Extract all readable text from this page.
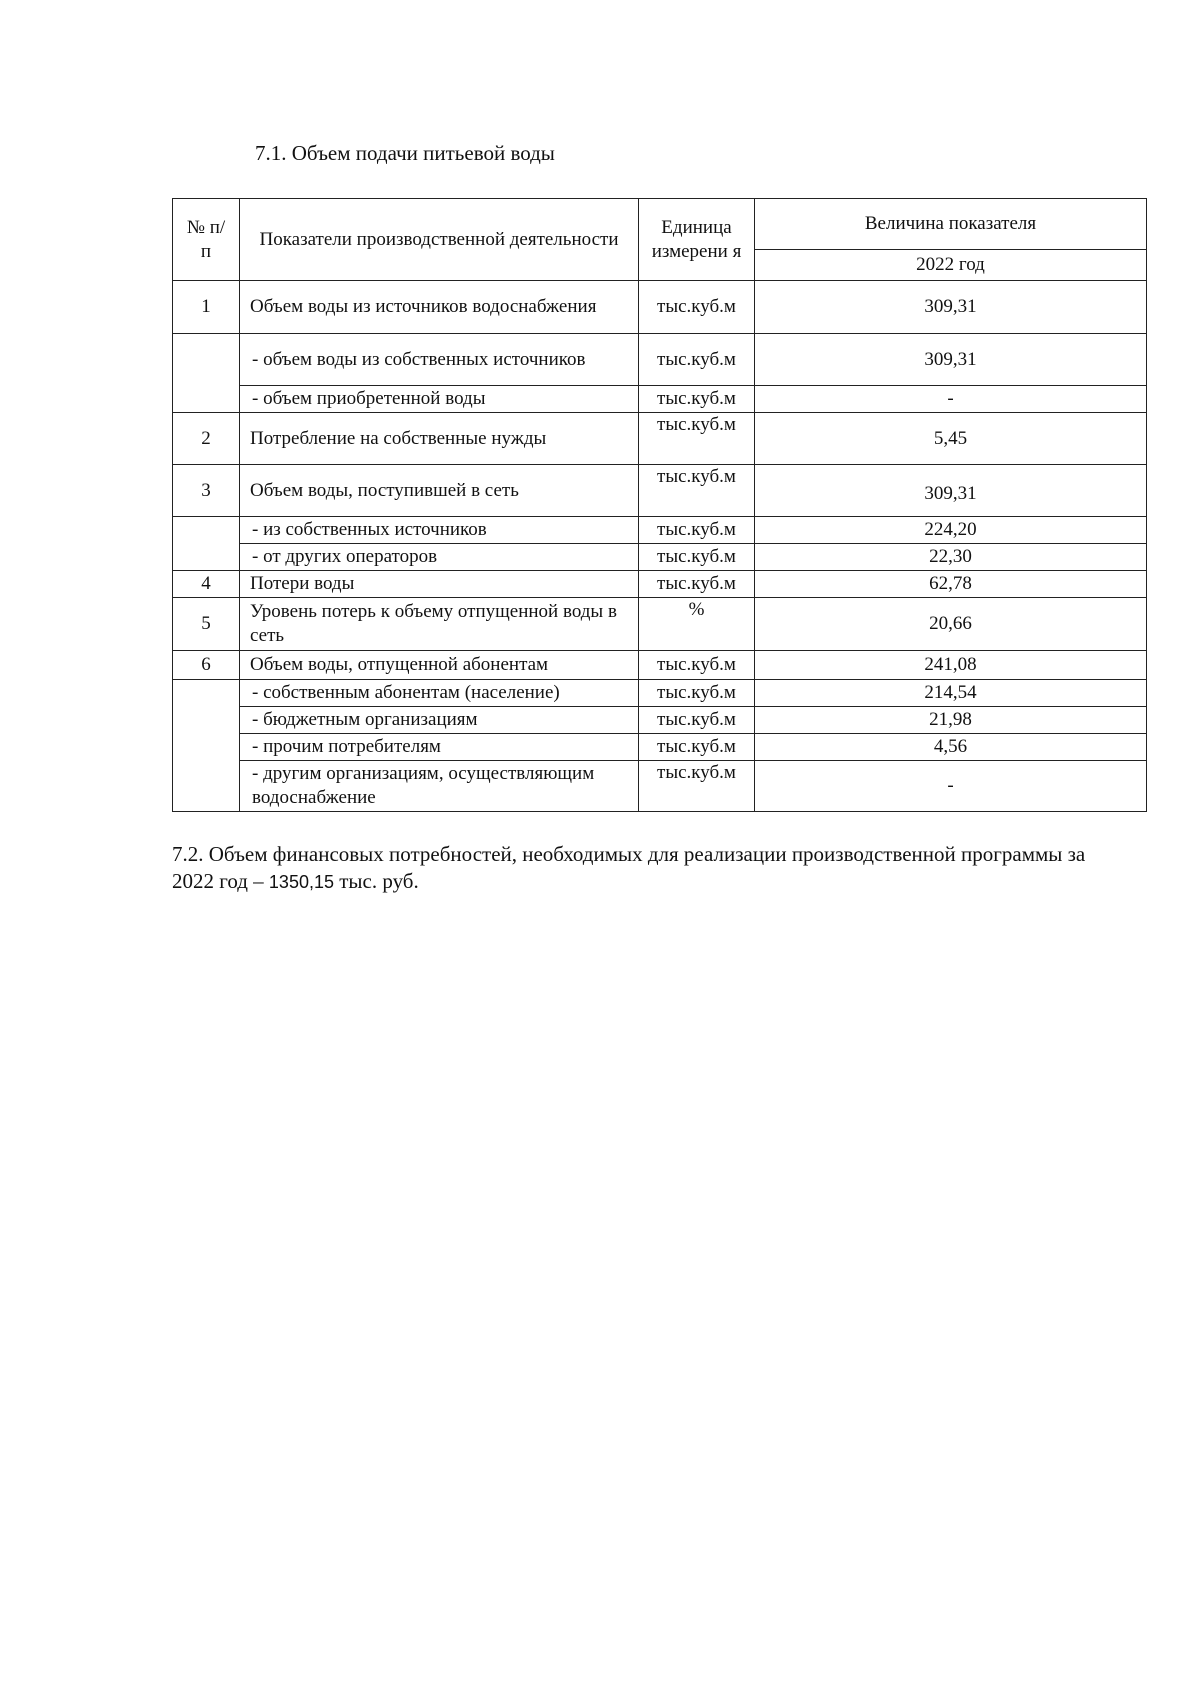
7.1. Объем подачи питьевой воды
№ п/п	Показатели производственной деятельности	Единица измерени я	Величина показателя
			2022 год
1	Объем воды из источников водоснабжения	тыс.куб.м	309,31
	- объем воды из собственных источников	тыс.куб.м	309,31
	- объем приобретенной воды	тыс.куб.м	-
2	Потребление на собственные нужды	тыс.куб.м	5,45
3	Объем воды, поступившей в сеть	тыс.куб.м	309,31
	- из собственных источников	тыс.куб.м	224,20
	- от других операторов	тыс.куб.м	22,30
4	Потери воды	тыс.куб.м	62,78
5	Уровень потерь к объему отпущенной воды в сеть	%	20,66
6	Объем воды, отпущенной абонентам	тыс.куб.м	241,08
	- собственным абонентам (население)	тыс.куб.м	214,54
	- бюджетным организациям	тыс.куб.м	21,98
	- прочим потребителям	тыс.куб.м	4,56
	- другим организациям, осуществляющим водоснабжение	тыс.куб.м	-

7.2. Объем финансовых потребностей, необходимых для реализации производственной программы за 2022 год – 1350,15 тыс. руб.
